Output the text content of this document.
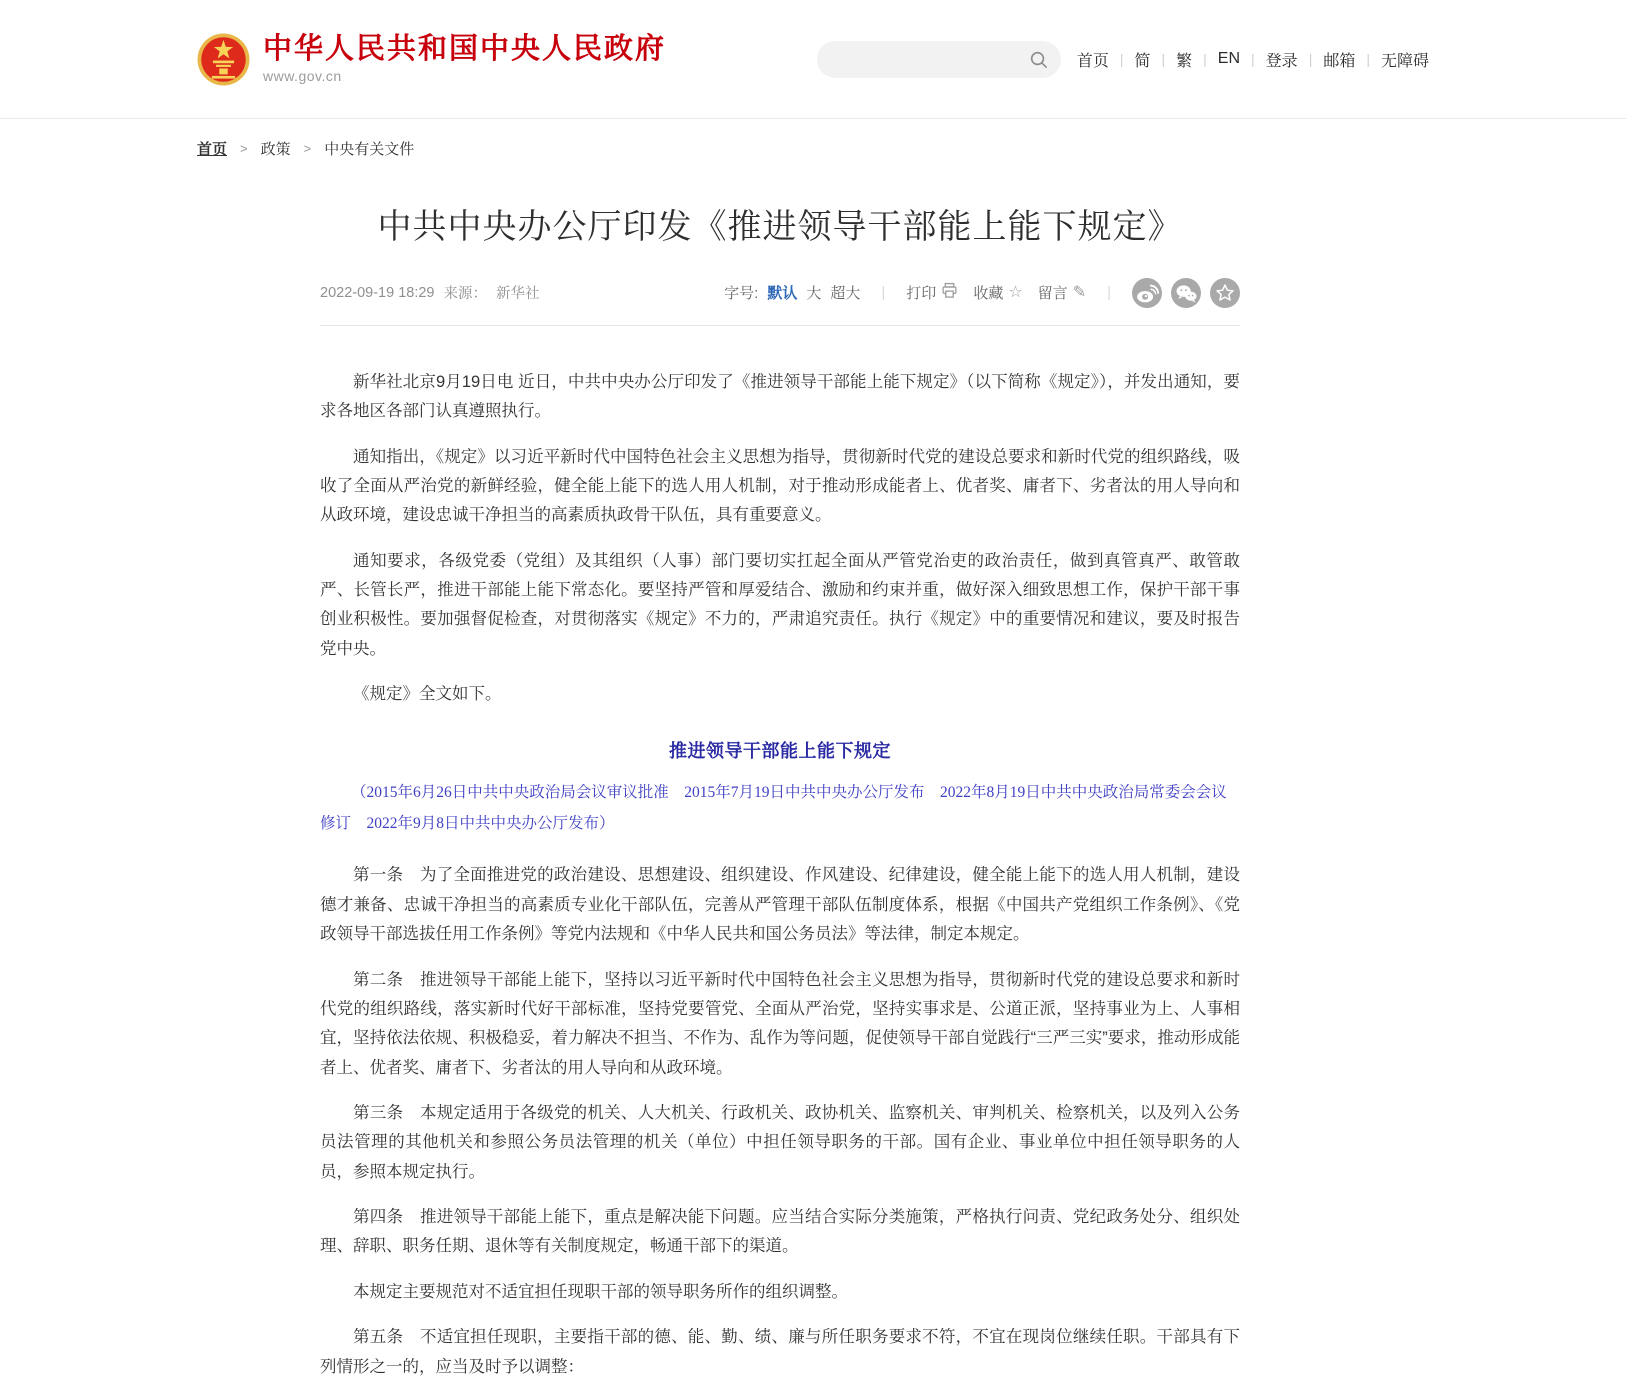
中华人民共和国中央人民政府
www.gov.cn
首页 | 简 | 繁 | EN | 登录 | 邮箱 | 无障碍
首页 > 政策 > 中央有关文件
中共中央办公厅印发《推进领导干部能上能下规定》
2022-09-19 18:29 来源： 新华社	字号: 默认 大 超大	|	打印 收藏 ☆ 留言 ✎	|

新华社北京9月19日电 近日，中共中央办公厅印发了《推进领导干部能上能下规定》（以下简称《规定》），并发出通知，要求各地区各部门认真遵照执行。

通知指出，《规定》以习近平新时代中国特色社会主义思想为指导，贯彻新时代党的建设总要求和新时代党的组织路线，吸收了全面从严治党的新鲜经验，健全能上能下的选人用人机制，对于推动形成能者上、优者奖、庸者下、劣者汰的用人导向和从政环境，建设忠诚干净担当的高素质执政骨干队伍，具有重要意义。

通知要求，各级党委（党组）及其组织（人事）部门要切实扛起全面从严管党治吏的政治责任，做到真管真严、敢管敢严、长管长严，推进干部能上能下常态化。要坚持严管和厚爱结合、激励和约束并重，做好深入细致思想工作，保护干部干事创业积极性。要加强督促检查，对贯彻落实《规定》不力的，严肃追究责任。执行《规定》中的重要情况和建议，要及时报告党中央。

《规定》全文如下。

推进领导干部能上能下规定

（2015年6月26日中共中央政治局会议审议批准　2015年7月19日中共中央办公厅发布　2022年8月19日中共中央政治局常委会会议修订　2022年9月8日中共中央办公厅发布）

第一条　为了全面推进党的政治建设、思想建设、组织建设、作风建设、纪律建设，健全能上能下的选人用人机制，建设德才兼备、忠诚干净担当的高素质专业化干部队伍，完善从严管理干部队伍制度体系，根据《中国共产党组织工作条例》、《党政领导干部选拔任用工作条例》等党内法规和《中华人民共和国公务员法》等法律，制定本规定。

第二条　推进领导干部能上能下，坚持以习近平新时代中国特色社会主义思想为指导，贯彻新时代党的建设总要求和新时代党的组织路线，落实新时代好干部标准，坚持党要管党、全面从严治党，坚持实事求是、公道正派，坚持事业为上、人事相宜，坚持依法依规、积极稳妥，着力解决不担当、不作为、乱作为等问题，促使领导干部自觉践行“三严三实”要求，推动形成能者上、优者奖、庸者下、劣者汰的用人导向和从政环境。

第三条　本规定适用于各级党的机关、人大机关、行政机关、政协机关、监察机关、审判机关、检察机关，以及列入公务员法管理的其他机关和参照公务员法管理的机关（单位）中担任领导职务的干部。国有企业、事业单位中担任领导职务的人员，参照本规定执行。

第四条　推进领导干部能上能下，重点是解决能下问题。应当结合实际分类施策，严格执行问责、党纪政务处分、组织处理、辞职、职务任期、退休等有关制度规定，畅通干部下的渠道。

本规定主要规范对不适宜担任现职干部的领导职务所作的组织调整。

第五条　不适宜担任现职，主要指干部的德、能、勤、绩、廉与所任职务要求不符，不宜在现岗位继续任职。干部具有下列情形之一的，应当及时予以调整：
